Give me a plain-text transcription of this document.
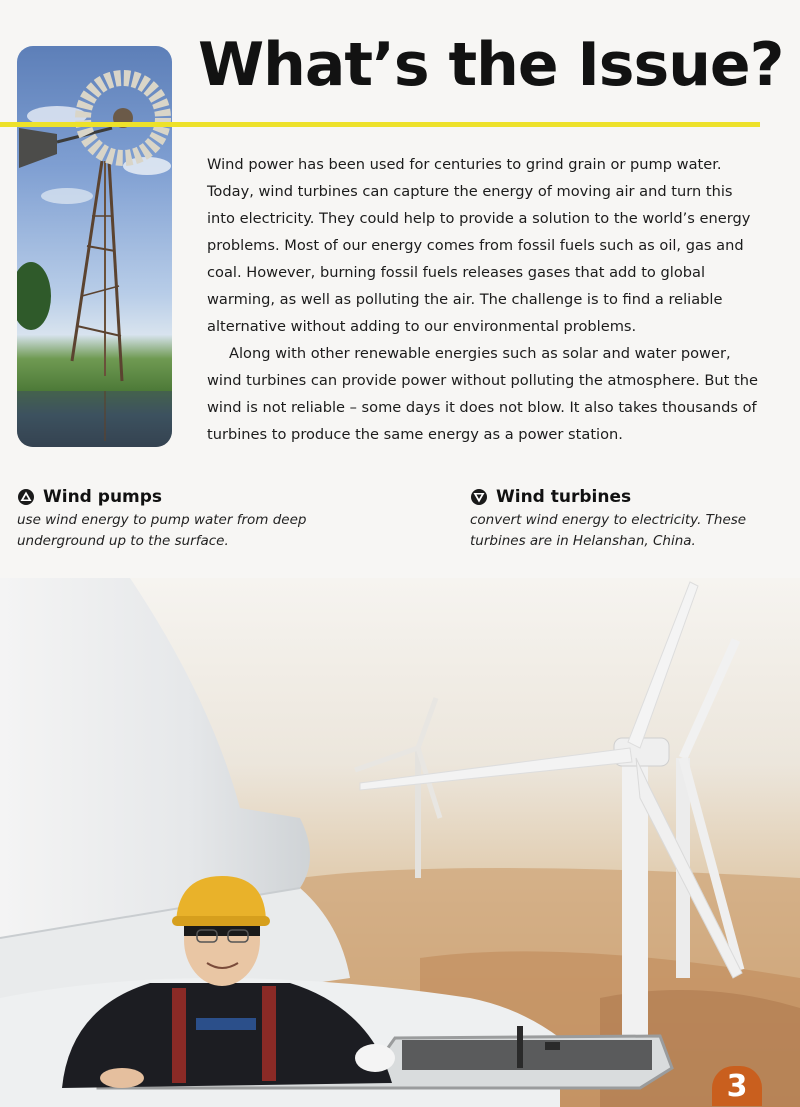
What’s the Issue?

Wind power has been used for centuries to grind grain or pump water. Today, wind turbines can capture the energy of moving air and turn this into electricity. They could help to provide a solution to the world’s energy problems. Most of our energy comes from fossil fuels such as oil, gas and coal. However, burning fossil fuels releases gases that add to global warming, as well as polluting the air. The challenge is to find a reliable alternative without adding to our environmental problems.

Along with other renewable energies such as solar and water power, wind turbines can provide power without polluting the atmosphere. But the wind is not reliable – some days it does not blow. It also takes thousands of turbines to produce the same energy as a power station.

Wind pumps
use wind energy to pump water from deep underground up to the surface.
Wind turbines
convert wind energy to electricity. These turbines are in Helanshan, China.
3
